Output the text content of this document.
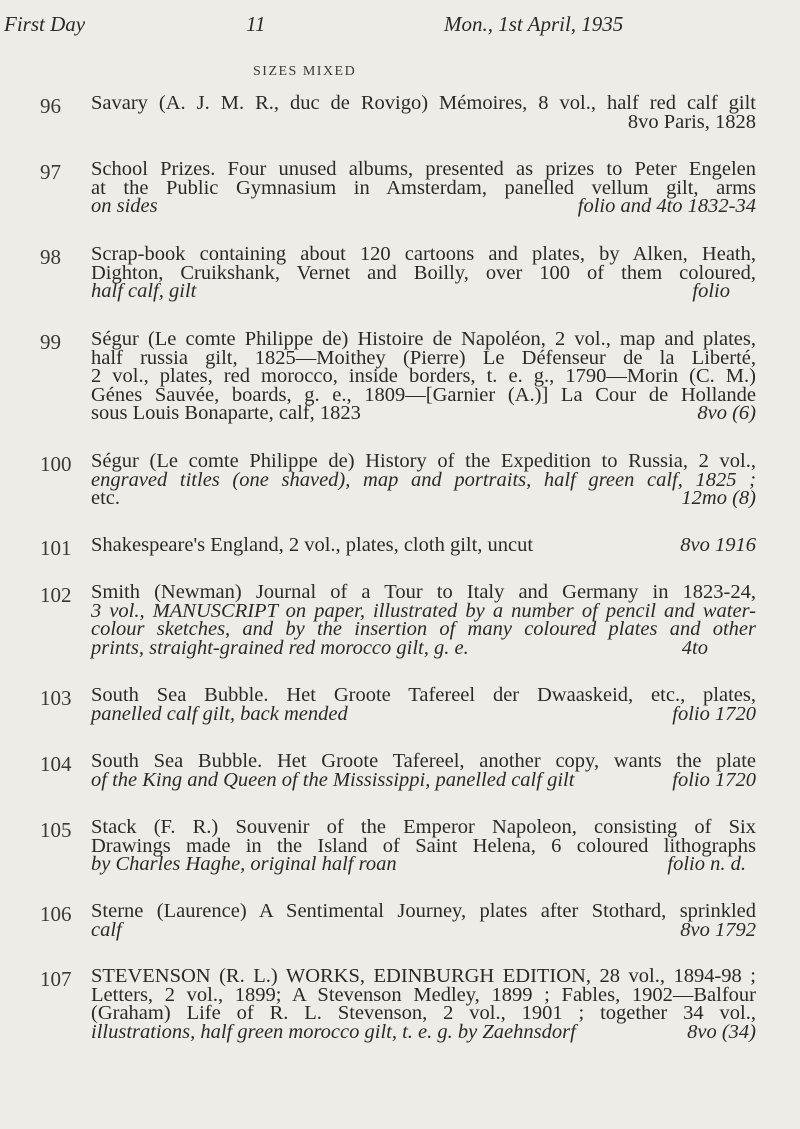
First Day	11	Mon., 1st April, 1935
SIZES MIXED
96 Savary (A. J. M. R., duc de Rovigo) Mémoires, 8 vol., half red calf gilt
8vo Paris, 1828
97 School Prizes. Four unused albums, presented as prizes to Peter Engelen
at the Public Gymnasium in Amsterdam, panelled vellum gilt, arms
on sides	folio and 4to 1832-34
98 Scrap-book containing about 120 cartoons and plates, by Alken, Heath,
Dighton, Cruikshank, Vernet and Boilly, over 100 of them coloured,
half calf, gilt	folio
99 Ségur (Le comte Philippe de) Histoire de Napoléon, 2 vol., map and plates,
half russia gilt, 1825—Moithey (Pierre) Le Défenseur de la Liberté,
2 vol., plates, red morocco, inside borders, t. e. g., 1790—Morin (C. M.)
Génes Sauvée, boards, g. e., 1809—[Garnier (A.)] La Cour de Hollande
sous Louis Bonaparte, calf, 1823	8vo (6)
100 Ségur (Le comte Philippe de) History of the Expedition to Russia, 2 vol.,
engraved titles (one shaved), map and portraits, half green calf, 1825 ;
etc.	12mo (8)
101 Shakespeare's England, 2 vol., plates, cloth gilt, uncut	8vo 1916
102 Smith (Newman) Journal of a Tour to Italy and Germany in 1823-24,
3 vol., MANUSCRIPT on paper, illustrated by a number of pencil and water-
colour sketches, and by the insertion of many coloured plates and other
prints, straight-grained red morocco gilt, g. e.	4to
103 South Sea Bubble. Het Groote Tafereel der Dwaaskeid, etc., plates,
panelled calf gilt, back mended	folio 1720
104 South Sea Bubble. Het Groote Tafereel, another copy, wants the plate
of the King and Queen of the Mississippi, panelled calf gilt	folio 1720
105 Stack (F. R.) Souvenir of the Emperor Napoleon, consisting of Six
Drawings made in the Island of Saint Helena, 6 coloured lithographs
by Charles Haghe, original half roan	folio n. d.
106 Sterne (Laurence) A Sentimental Journey, plates after Stothard, sprinkled
calf	8vo 1792
107 STEVENSON (R. L.) WORKS, EDINBURGH EDITION, 28 vol., 1894-98 ;
Letters, 2 vol., 1899; A Stevenson Medley, 1899 ; Fables, 1902—Balfour
(Graham) Life of R. L. Stevenson, 2 vol., 1901 ; together 34 vol.,
illustrations, half green morocco gilt, t. e. g. by Zaehnsdorf	8vo (34)
